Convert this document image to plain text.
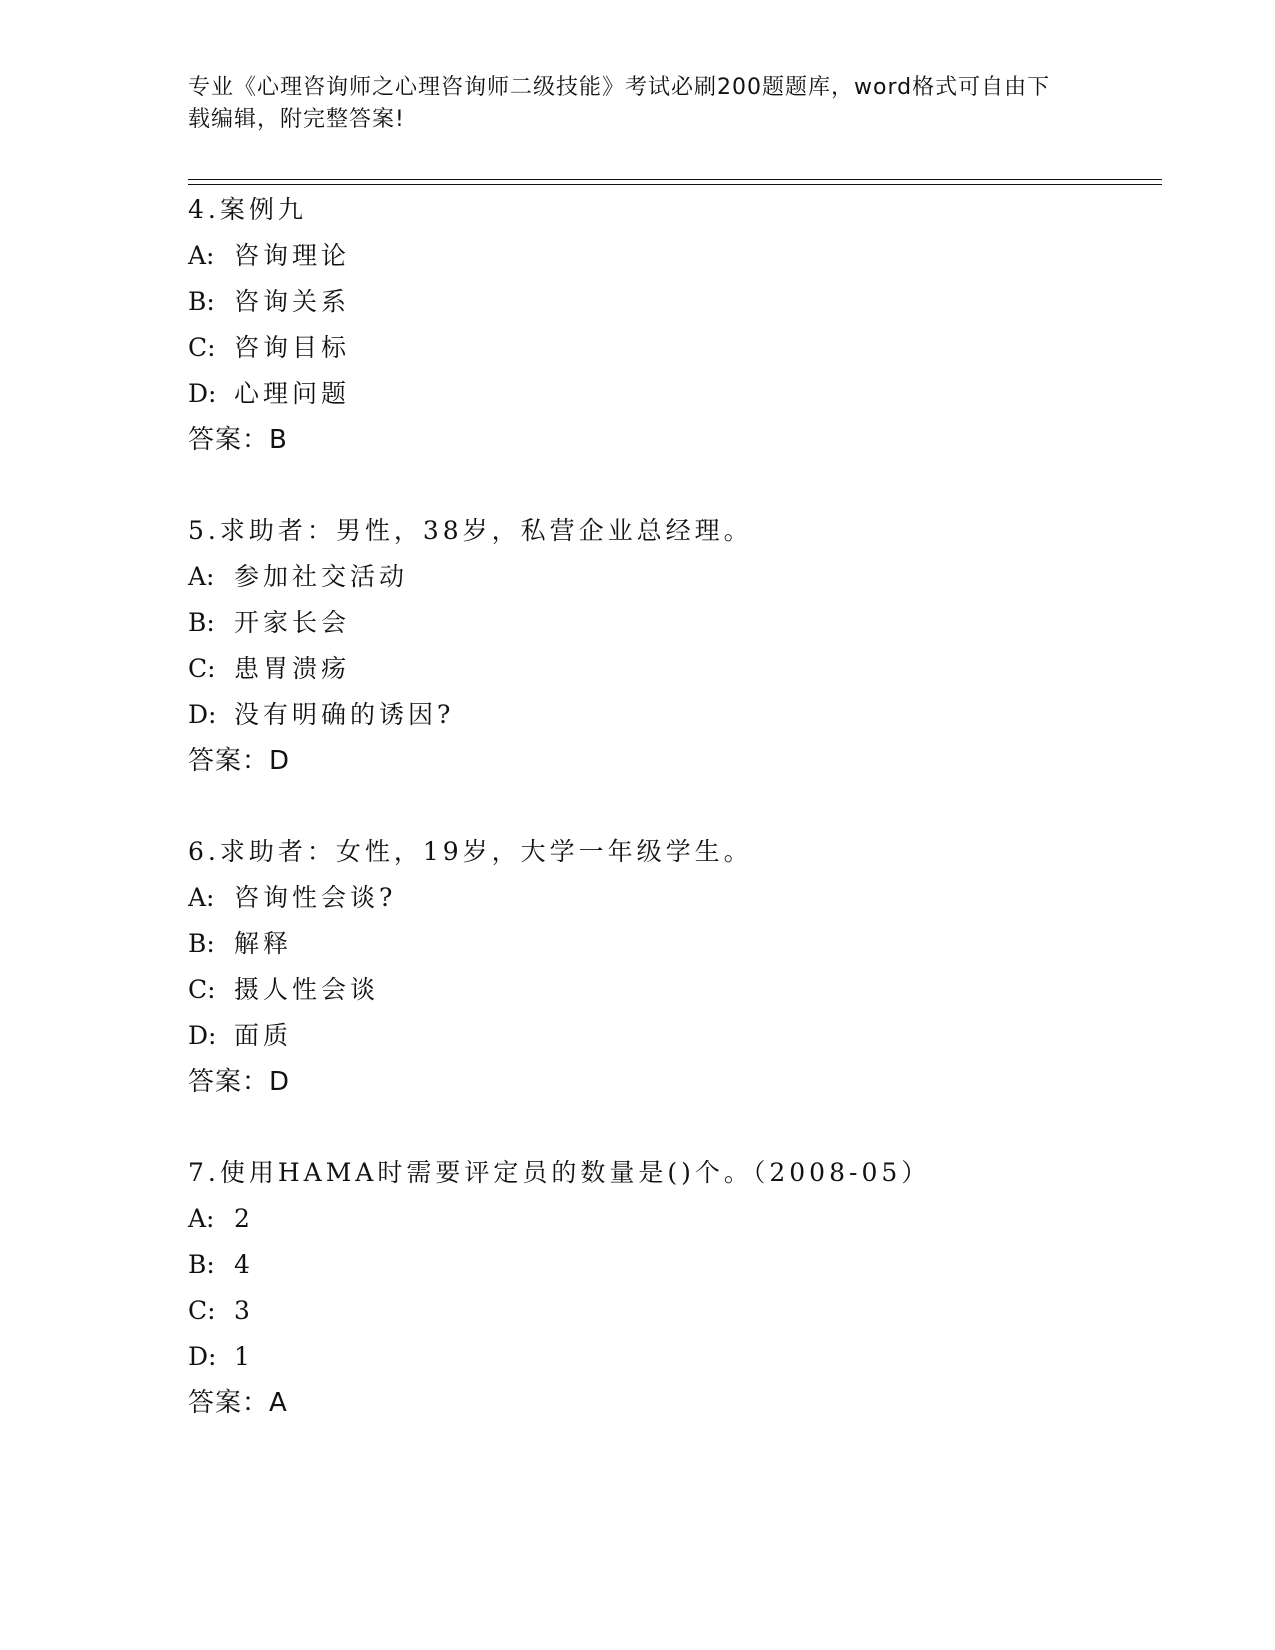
专业《心理咨询师之心理咨询师二级技能》考试必刷200题题库，word格式可自由下载编辑，附完整答案!
4.案例九
A: 咨询理论
B: 咨询关系
C: 咨询目标
D: 心理问题
答案：B
5.求助者：男性，38岁，私营企业总经理。
A: 参加社交活动
B: 开家长会
C: 患胃溃疡
D: 没有明确的诱因?
答案：D
6.求助者：女性，19岁，大学一年级学生。
A: 咨询性会谈?
B: 解释
C: 摄人性会谈
D: 面质
答案：D
7.使用HAMA时需要评定员的数量是()个。（2008-05）
A: 2
B: 4
C: 3
D: 1
答案：A
